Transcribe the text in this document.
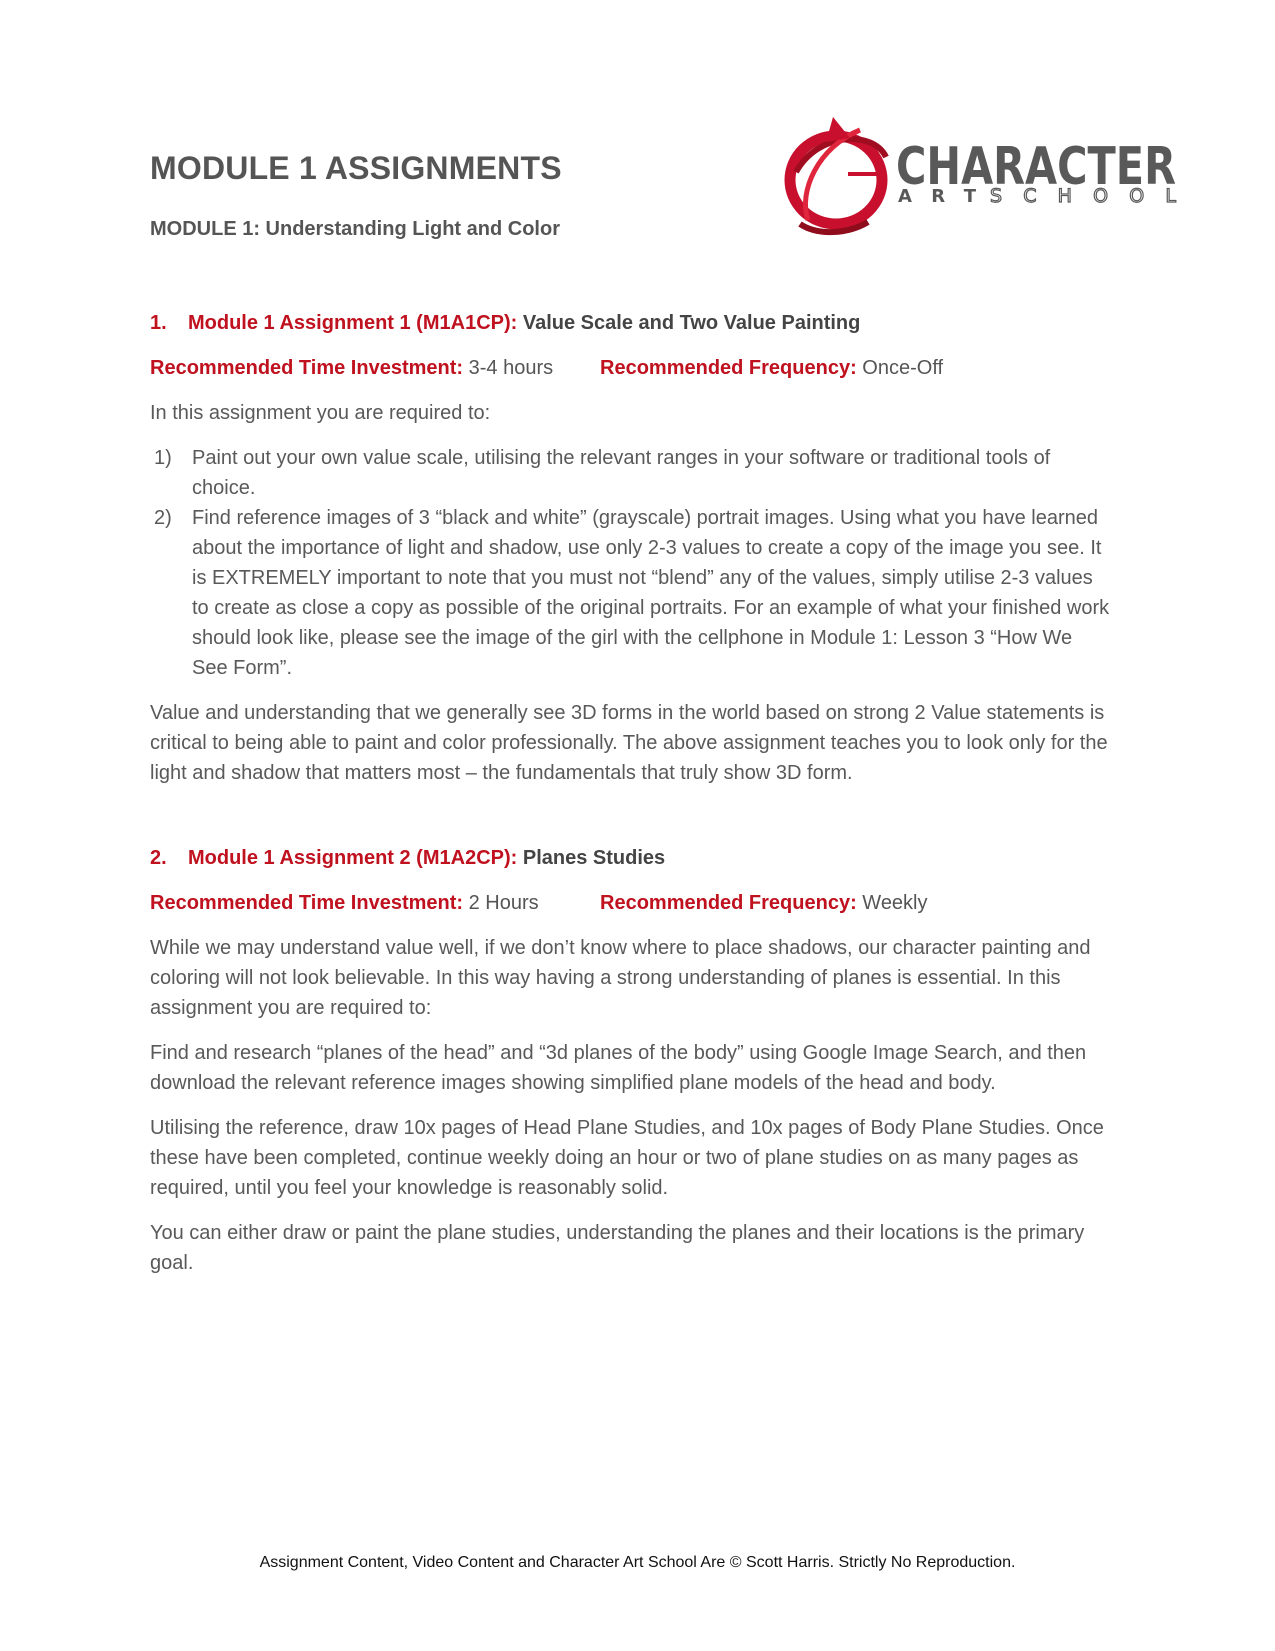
MODULE 1 ASSIGNMENTS
MODULE 1: Understanding Light and Color
CHARACTER
ART SCHOOL
1. Module 1 Assignment 1 (M1A1CP): Value Scale and Two Value Painting
Recommended Time Investment: 3-4 hours Recommended Frequency: Once-Off

In this assignment you are required to:

1) Paint out your own value scale, utilising the relevant ranges in your software or traditional tools of choice.
2) Find reference images of 3 “black and white” (grayscale) portrait images. Using what you have learned about the importance of light and shadow, use only 2-3 values to create a copy of the image you see. It is EXTREMELY important to note that you must not “blend” any of the values, simply utilise 2-3 values to create as close a copy as possible of the original portraits. For an example of what your finished work should look like, please see the image of the girl with the cellphone in Module 1: Lesson 3 “How We See Form”.

Value and understanding that we generally see 3D forms in the world based on strong 2 Value statements is critical to being able to paint and color professionally. The above assignment teaches you to look only for the light and shadow that matters most – the fundamentals that truly show 3D form.

2. Module 1 Assignment 2 (M1A2CP): Planes Studies
Recommended Time Investment: 2 Hours	Recommended Frequency: Weekly

While we may understand value well, if we don’t know where to place shadows, our character painting and coloring will not look believable. In this way having a strong understanding of planes is essential. In this assignment you are required to:

Find and research “planes of the head” and “3d planes of the body” using Google Image Search, and then download the relevant reference images showing simplified plane models of the head and body.

Utilising the reference, draw 10x pages of Head Plane Studies, and 10x pages of Body Plane Studies. Once these have been completed, continue weekly doing an hour or two of plane studies on as many pages as required, until you feel your knowledge is reasonably solid.

You can either draw or paint the plane studies, understanding the planes and their locations is the primary goal.

Assignment Content, Video Content and Character Art School Are © Scott Harris. Strictly No Reproduction.
